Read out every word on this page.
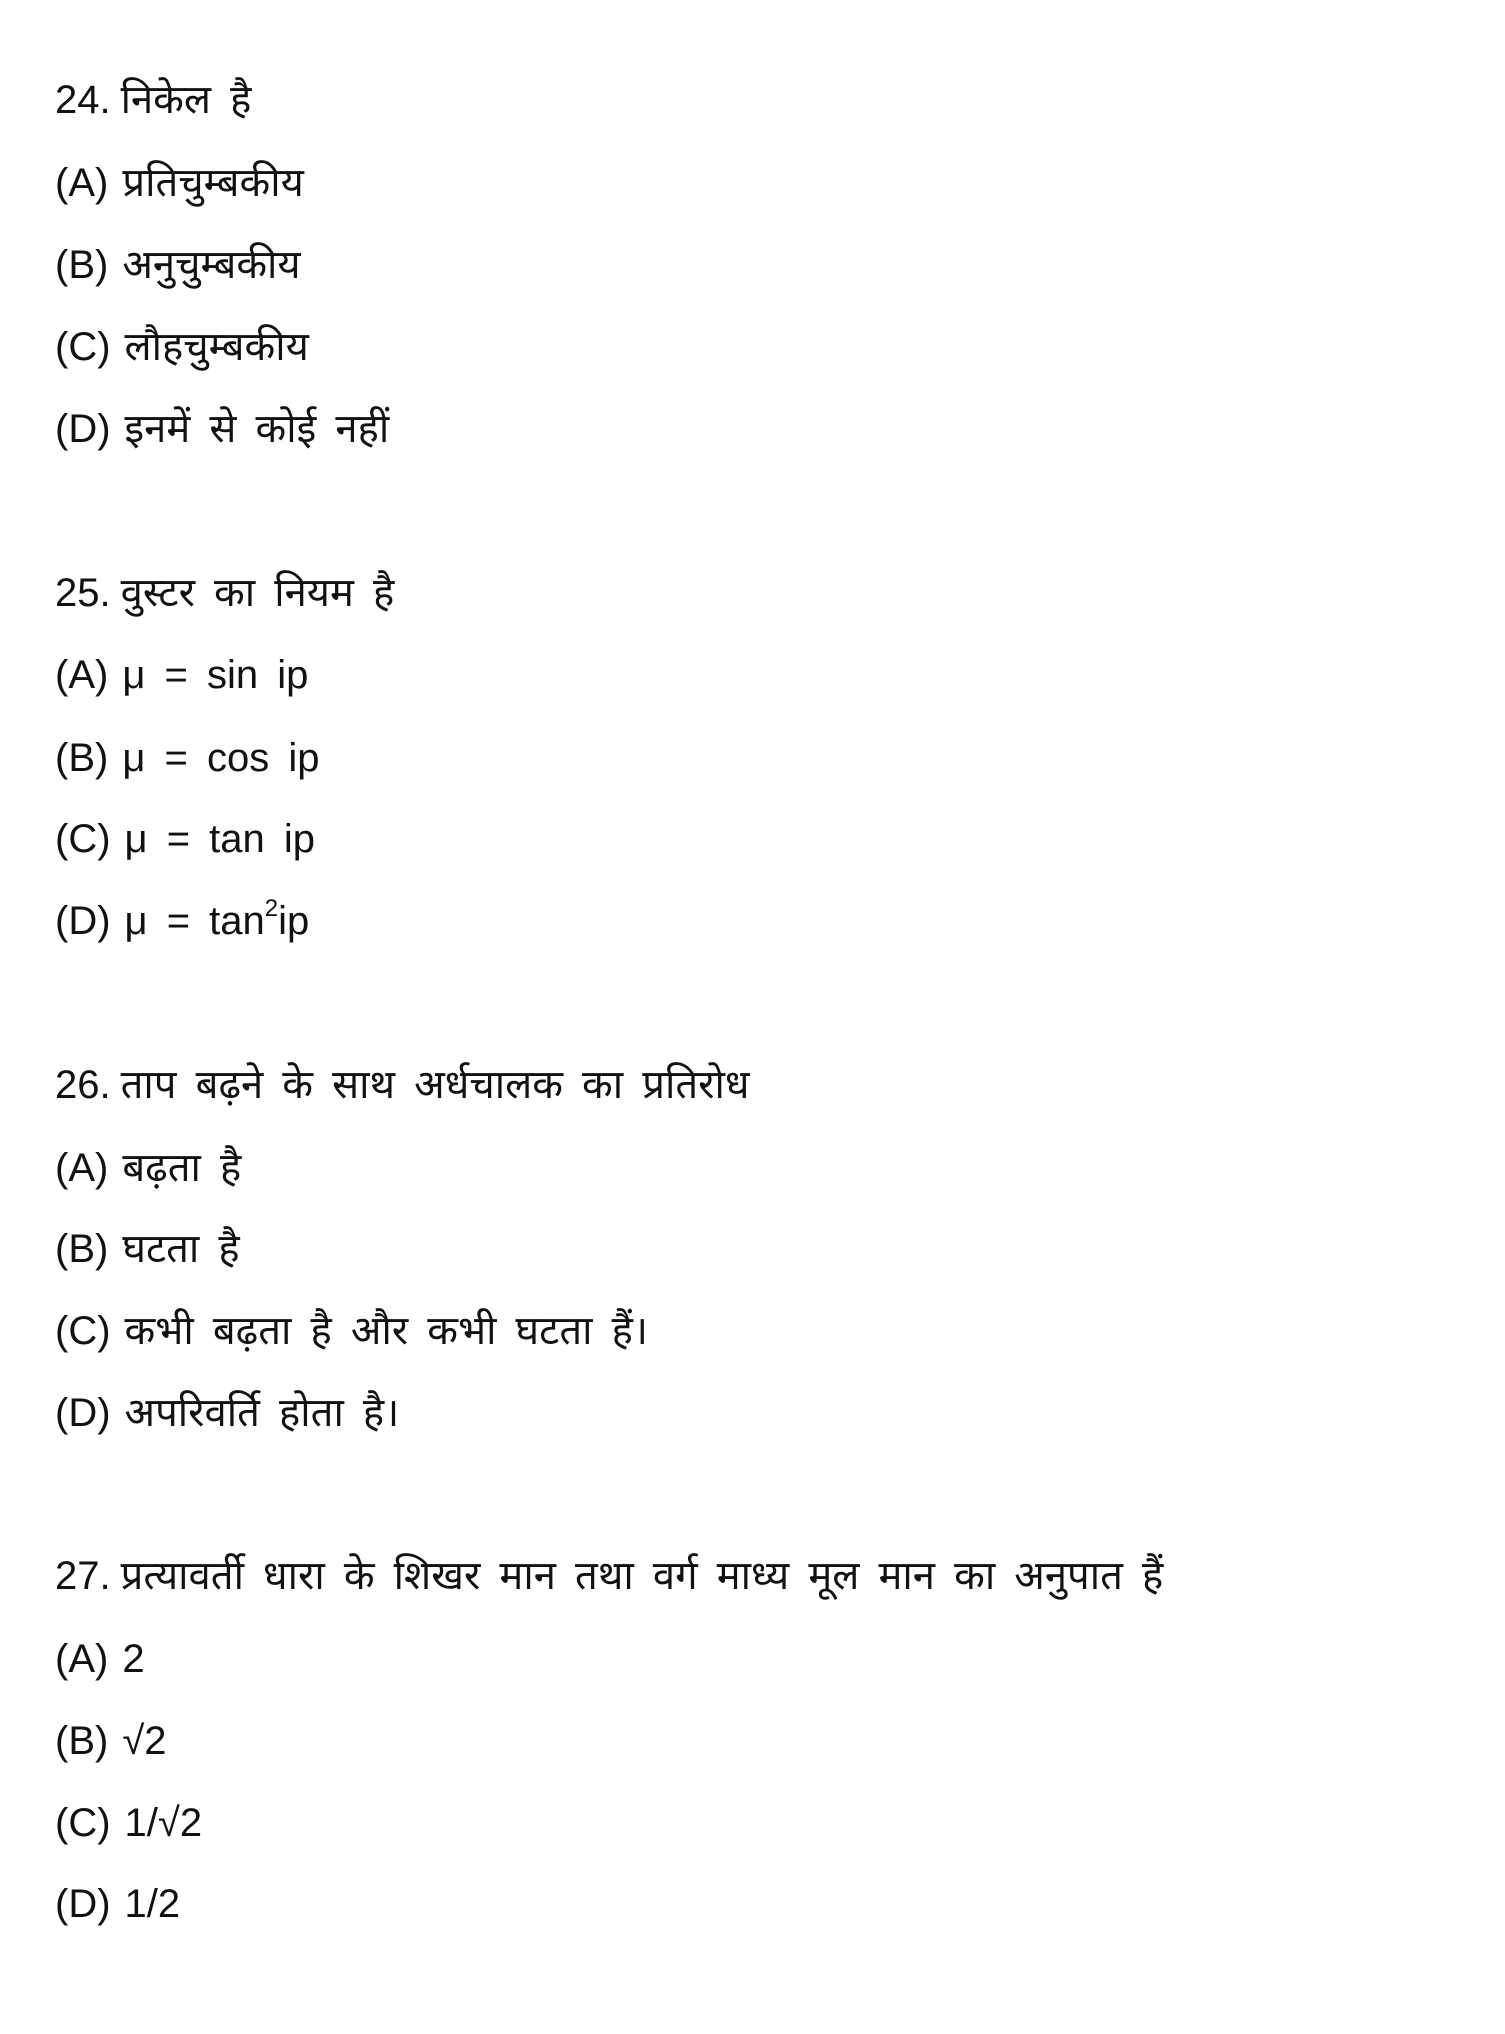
24. निकेल है
(A) प्रतिचुम्बकीय
(B) अनुचुम्बकीय
(C) लौहचुम्बकीय
(D) इनमें से कोई नहीं
25. वुस्टर का नियम है
(A) μ = sin ip
(B) μ = cos ip
(C) μ = tan ip
(D) $\mu = \tan^2ip$
26. ताप बढ़ने के साथ अर्धचालक का प्रतिरोध
(A) बढ़ता है
(B) घटता है
(C) कभी बढ़ता है और कभी घटता हैं।
(D) अपरिवर्ति होता है।
27. प्रत्यावर्ती धारा के शिखर मान तथा वर्ग माध्य मूल मान का अनुपात हैं
(A) 2
(B) √2
(C) 1/√2
(D) 1/2
